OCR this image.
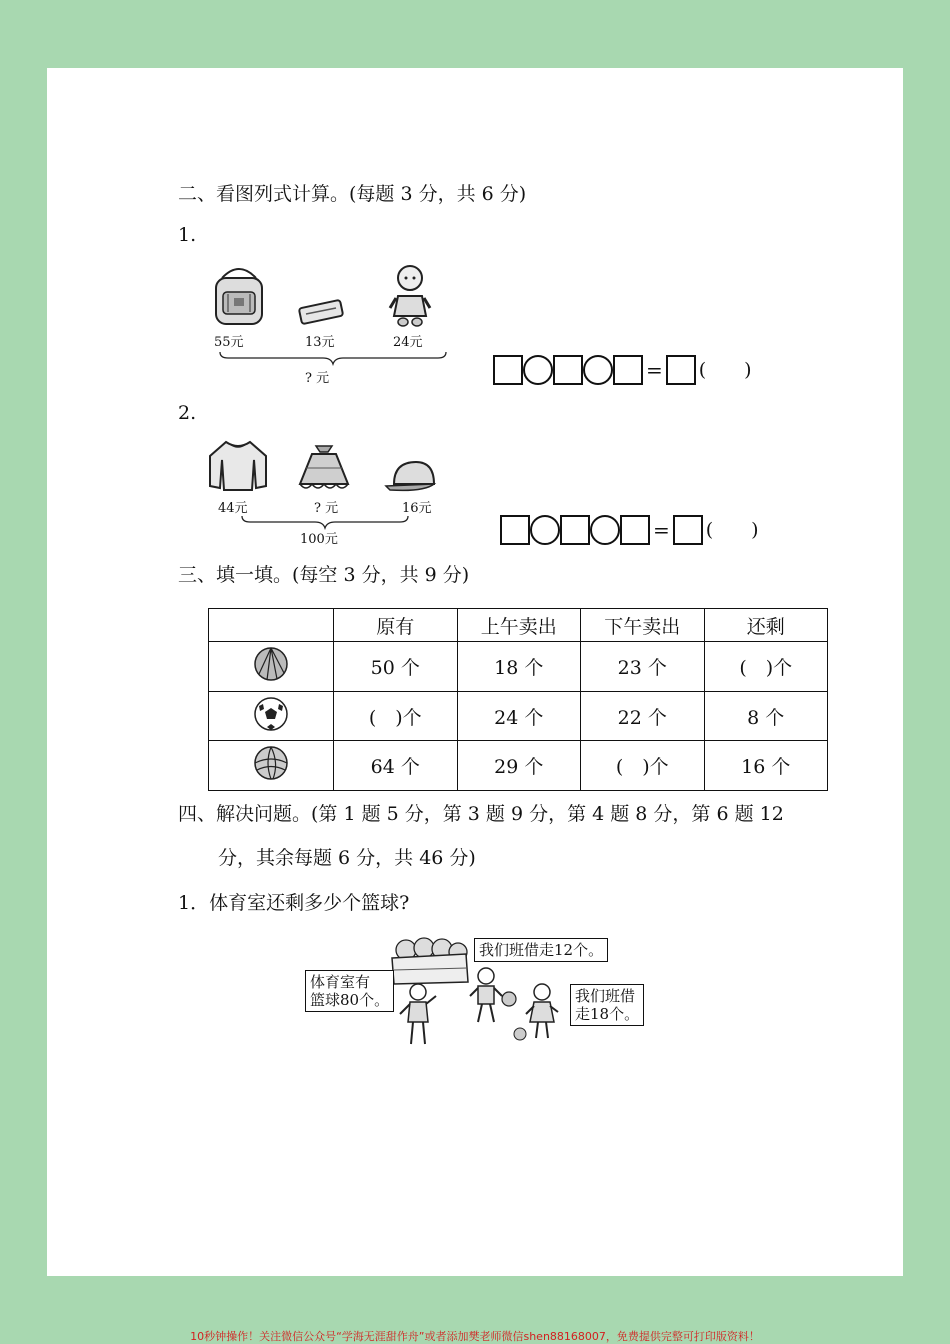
二、看图列式计算。(每题 3 分，共 6 分)
1.
55元	13元	24元
? 元	= (　　)
2.
44元	? 元	16元
100元	= (　　)
三、填一填。(每空 3 分，共 9 分)
	原有	上午卖出	下午卖出	还剩
	50 个	18 个	23 个	(　)个
	(　)个	24 个	22 个	8 个
	64 个	29 个	(　)个	16 个
四、解决问题。(第 1 题 5 分，第 3 题 9 分，第 4 题 8 分，第 6 题 12
分，其余每题 6 分，共 46 分)
1．体育室还剩多少个篮球?
体育室有
篮球80个。
我们班借走12个。
我们班借
走18个。
10秒钟操作！关注微信公众号“学海无涯甜作舟”或者添加樊老师微信shen88168007，免费提供完整可打印版资料！
